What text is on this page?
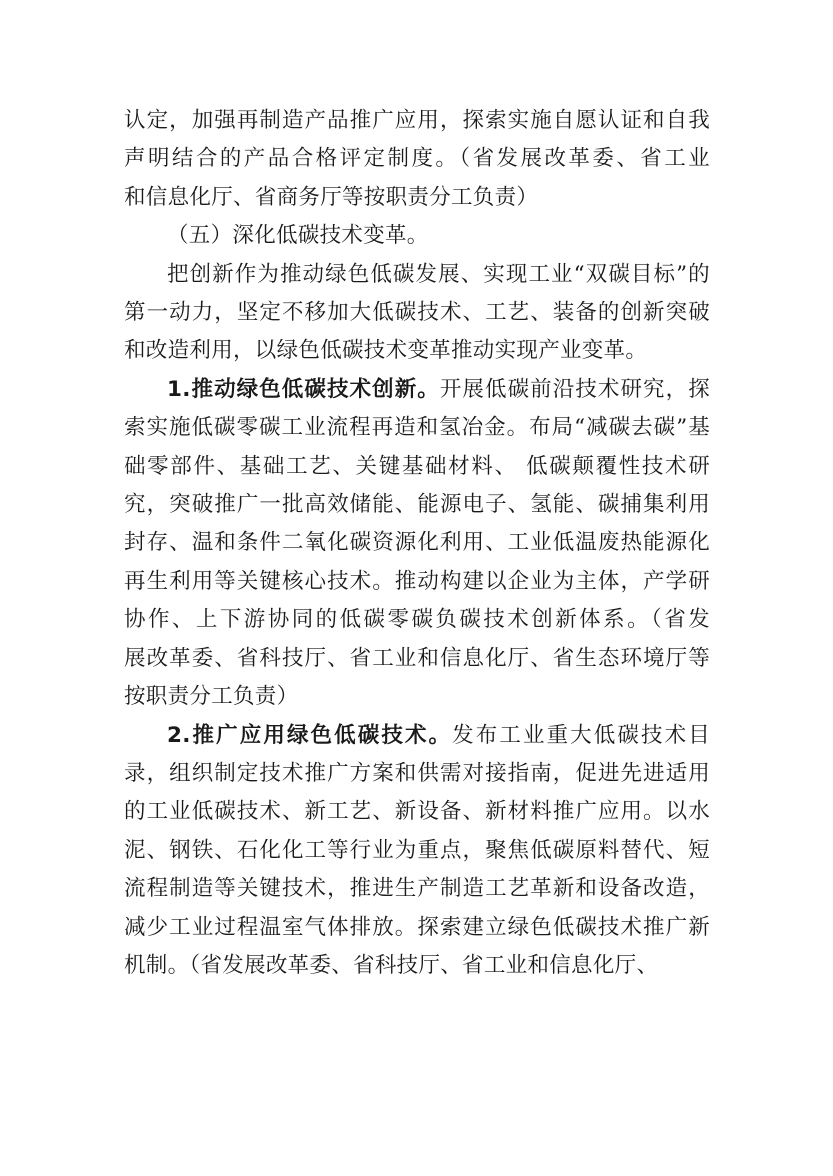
认定，加强再制造产品推广应用，探索实施自愿认证和自我
声明结合的产品合格评定制度。（省发展改革委、省工业
和信息化厅、省商务厅等按职责分工负责）
（五）深化低碳技术变革。
把创新作为推动绿色低碳发展、实现工业“双碳目标”的
第一动力，坚定不移加大低碳技术、工艺、装备的创新突破
和改造利用，以绿色低碳技术变革推动实现产业变革。
1.推动绿色低碳技术创新。开展低碳前沿技术研究，探
索实施低碳零碳工业流程再造和氢冶金。布局“减碳去碳”基
础零部件、基础工艺、关键基础材料、 低碳颠覆性技术研
究，突破推广一批高效储能、能源电子、氢能、碳捕集利用
封存、温和条件二氧化碳资源化利用、工业低温废热能源化
再生利用等关键核心技术。推动构建以企业为主体，产学研
协作、上下游协同的低碳零碳负碳技术创新体系。（省发
展改革委、省科技厅、省工业和信息化厅、省生态环境厅等
按职责分工负责）
2.推广应用绿色低碳技术。发布工业重大低碳技术目
录，组织制定技术推广方案和供需对接指南，促进先进适用
的工业低碳技术、新工艺、新设备、新材料推广应用。以水
泥、钢铁、石化化工等行业为重点，聚焦低碳原料替代、短
流程制造等关键技术，推进生产制造工艺革新和设备改造，
减少工业过程温室气体排放。探索建立绿色低碳技术推广新
机制。（省发展改革委、省科技厅、省工业和信息化厅、
